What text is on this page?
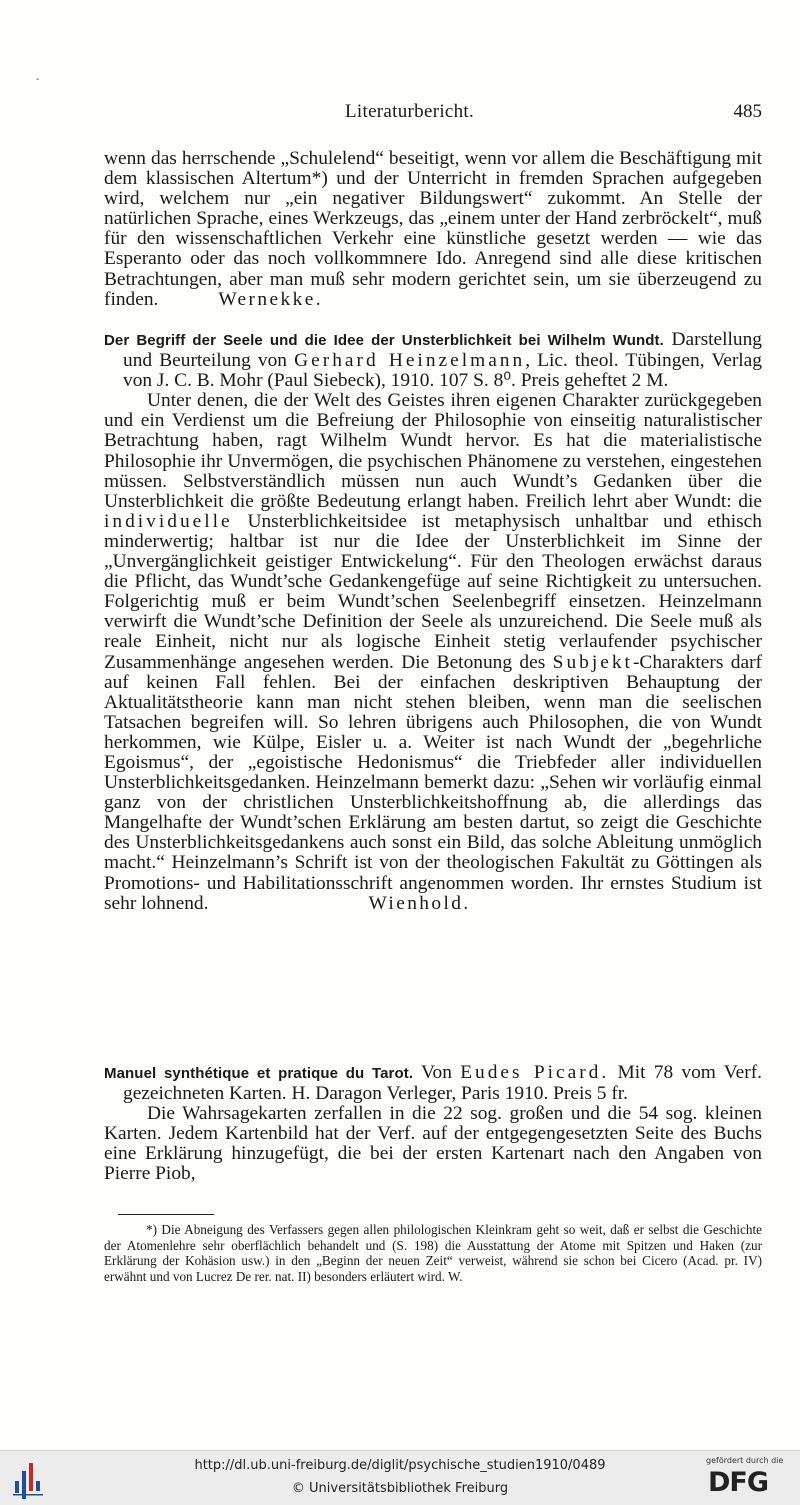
-
Literaturbericht.	485

wenn das herrschende „Schulelend“ beseitigt, wenn vor allem die Beschäftigung mit dem klassischen Altertum*) und der Unterricht in fremden Sprachen aufgegeben wird, welchem nur „ein negativer Bildungswert“ zukommt. An Stelle der natürlichen Sprache, eines Werkzeugs, das „einem unter der Hand zerbröckelt“, muß für den wissenschaftlichen Verkehr eine künstliche gesetzt werden — wie das Esperanto oder das noch vollkommnere Ido. Anregend sind alle diese kritischen Betrachtungen, aber man muß sehr modern gerichtet sein, um sie überzeugend zu finden.	Wernekke.

Der Begriff der Seele und die Idee der Unsterblichkeit bei Wilhelm Wundt. Darstellung und Beurteilung von Gerhard Heinzelmann, Lic. theol. Tübingen, Verlag von J. C. B. Mohr (Paul Siebeck), 1910. 107 S. 8⁰. Preis geheftet 2 M.

Unter denen, die der Welt des Geistes ihren eigenen Charakter zurückgegeben und ein Verdienst um die Befreiung der Philosophie von einseitig naturalistischer Betrachtung haben, ragt Wilhelm Wundt hervor. Es hat die materialistische Philosophie ihr Unvermögen, die psychischen Phänomene zu verstehen, eingestehen müssen. Selbstverständlich müssen nun auch Wundt’s Gedanken über die Unsterblichkeit die größte Bedeutung erlangt haben. Freilich lehrt aber Wundt: die individuelle Unsterblichkeitsidee ist metaphysisch unhaltbar und ethisch minderwertig; haltbar ist nur die Idee der Unsterblichkeit im Sinne der „Unvergänglichkeit geistiger Entwickelung“. Für den Theologen erwächst daraus die Pflicht, das Wundt’sche Gedankengefüge auf seine Richtigkeit zu untersuchen. Folgerichtig muß er beim Wundt’schen Seelenbegriff einsetzen. Heinzelmann verwirft die Wundt’sche Definition der Seele als unzureichend. Die Seele muß als reale Einheit, nicht nur als logische Einheit stetig verlaufender psychischer Zusammenhänge angesehen werden. Die Betonung des Subjekt-Charakters darf auf keinen Fall fehlen. Bei der einfachen deskriptiven Behauptung der Aktualitätstheorie kann man nicht stehen bleiben, wenn man die seelischen Tatsachen begreifen will. So lehren übrigens auch Philosophen, die von Wundt herkommen, wie Külpe, Eisler u. a. Weiter ist nach Wundt der „begehrliche Egoismus“, der „egoistische Hedonismus“ die Triebfeder aller individuellen Unsterblichkeitsgedanken. Heinzelmann bemerkt dazu: „Sehen wir vorläufig einmal ganz von der christlichen Unsterblichkeitshoffnung ab, die allerdings das Mangelhafte der Wundt’schen Erklärung am besten dartut, so zeigt die Geschichte des Unsterblichkeitsgedankens auch sonst ein Bild, das solche Ableitung unmöglich macht.“ Heinzelmann’s Schrift ist von der theologischen Fakultät zu Göttingen als Promotions- und Habilitationsschrift angenommen worden. Ihr ernstes Studium ist sehr lohnend.	Wienhold.

Manuel synthétique et pratique du Tarot. Von Eudes Picard. Mit 78 vom Verf. gezeichneten Karten. H. Daragon Verleger, Paris 1910. Preis 5 fr.

Die Wahrsagekarten zerfallen in die 22 sog. großen und die 54 sog. kleinen Karten. Jedem Kartenbild hat der Verf. auf der entgegengesetzten Seite des Buchs eine Erklärung hinzugefügt, die bei der ersten Kartenart nach den Angaben von Pierre Piob,

*) Die Abneigung des Verfassers gegen allen philologischen Kleinkram geht so weit, daß er selbst die Geschichte der Atomenlehre sehr oberflächlich behandelt und (S. 198) die Ausstattung der Atome mit Spitzen und Haken (zur Erklärung der Kohäsion usw.) in den „Beginn der neuen Zeit“ verweist, während sie schon bei Cicero (Acad. pr. IV) erwähnt und von Lucrez De rer. nat. II) besonders erläutert wird. W.

http://dl.ub.uni-freiburg.de/diglit/psychische_studien1910/0489
© Universitätsbibliothek Freiburg
gefördert durch die
DFG
